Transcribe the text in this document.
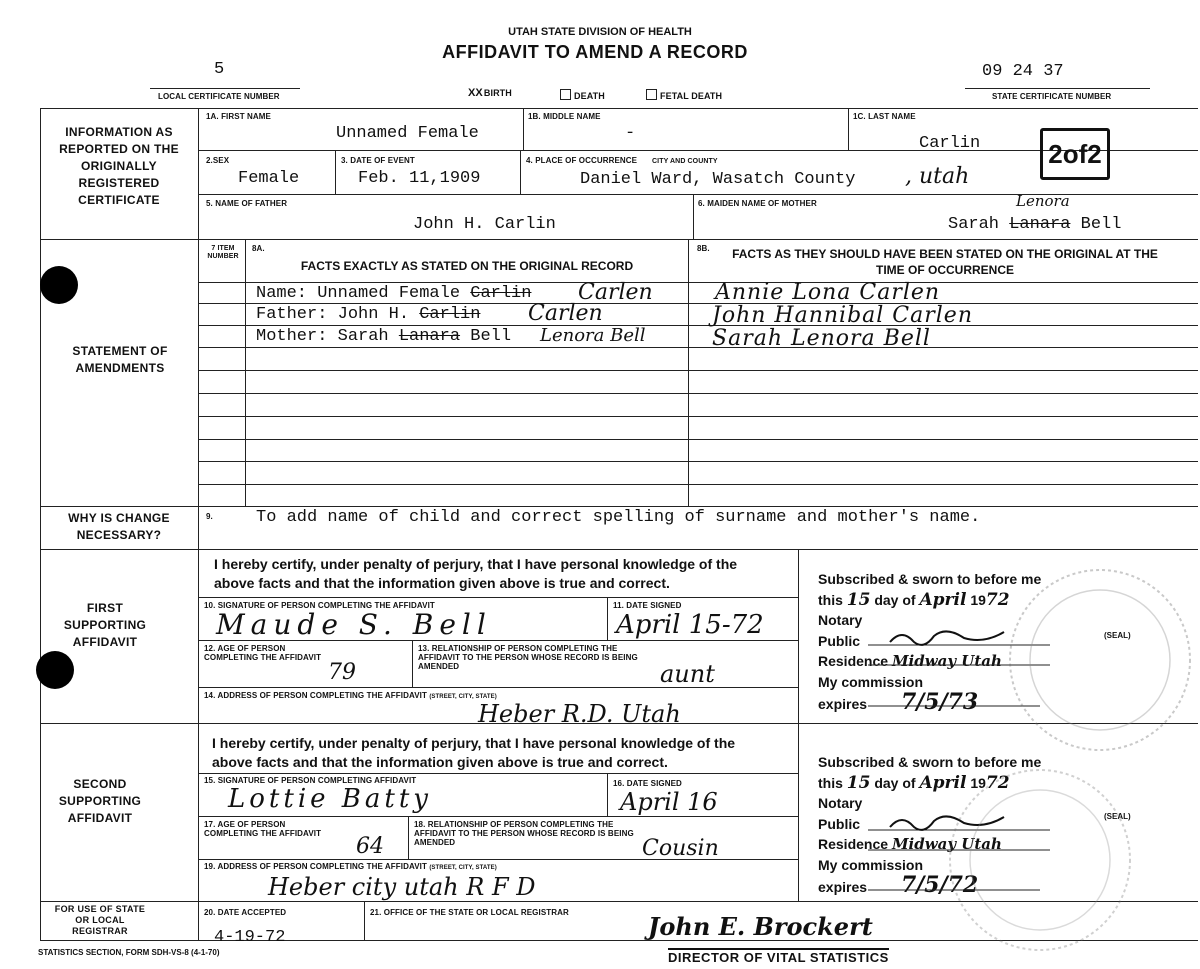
UTAH STATE DIVISION OF HEALTH
AFFIDAVIT TO AMEND A RECORD
5
LOCAL CERTIFICATE NUMBER
09 24 37
STATE CERTIFICATE NUMBER
XXBIRTH	DEATH	FETAL DEATH
INFORMATION AS REPORTED ON THE ORIGINALLY REGISTERED CERTIFICATE
1A. FIRST NAME
Unnamed Female
1B. MIDDLE NAME
-
1C. LAST NAME
Carlin	2of2
2.SEX
Female
3. DATE OF EVENT
Feb. 11,1909
4. PLACE OF OCCURRENCE CITY AND COUNTY
Daniel Ward, Wasatch County , utah
5. NAME OF FATHER
John H. Carlin
6. MAIDEN NAME OF MOTHER	Lenora
Sarah Lanara Bell
STATEMENT OF AMENDMENTS
7 ITEM NUMBER
8A.
FACTS EXACTLY AS STATED ON THE ORIGINAL RECORD
8B. FACTS AS THEY SHOULD HAVE BEEN STATED ON THE ORIGINAL AT THE TIME OF OCCURRENCE
Name: Unnamed Female Carlin Carlen	Annie Lona Carlen
Father: John H. Carlin Carlen	John Hannibal Carlen
Mother: Sarah Lanara Bell Lenora Bell	Sarah Lenora Bell
WHY IS CHANGE NECESSARY?
9.	To add name of child and correct spelling of surname and mother's name.
FIRST SUPPORTING AFFIDAVIT
I hereby certify, under penalty of perjury, that I have personal knowledge of the above facts and that the information given above is true and correct.
10. SIGNATURE OF PERSON COMPLETING THE AFFIDAVIT
Maude S. Bell
11. DATE SIGNED
April 15-72
12. AGE OF PERSON COMPLETING THE AFFIDAVIT
79
13. RELATIONSHIP OF PERSON COMPLETING THE AFFIDAVIT TO THE PERSON WHOSE RECORD IS BEING AMENDED	aunt
14. ADDRESS OF PERSON COMPLETING THE AFFIDAVIT (STREET, CITY, STATE)
Heber R.D. Utah
Subscribed & sworn to before me
this 15 day of April 1972
Notary
Public
Residence Midway Utah
My commission
expires 7/5/73
(SEAL)
SECOND SUPPORTING AFFIDAVIT
I hereby certify, under penalty of perjury, that I have personal knowledge of the above facts and that the information given above is true and correct.
15. SIGNATURE OF PERSON COMPLETING AFFIDAVIT
Lottie Batty
16. DATE SIGNED
April 16
17. AGE OF PERSON COMPLETING THE AFFIDAVIT
64
18. RELATIONSHIP OF PERSON COMPLETING THE AFFIDAVIT TO THE PERSON WHOSE RECORD IS BEING AMENDED	Cousin
19. ADDRESS OF PERSON COMPLETING THE AFFIDAVIT (STREET, CITY, STATE)
Heber city utah R F D
Subscribed & sworn to before me
this 15 day of April 1972
Notary
Public
Residence Midway Utah
My commission
expires 7/5/72
(SEAL)
FOR USE OF STATE OR LOCAL REGISTRAR
20. DATE ACCEPTED
4-19-72
21. OFFICE OF THE STATE OR LOCAL REGISTRAR	John E. Brockert
DIRECTOR OF VITAL STATISTICS
STATISTICS SECTION, FORM SDH-VS-8 (4-1-70)
